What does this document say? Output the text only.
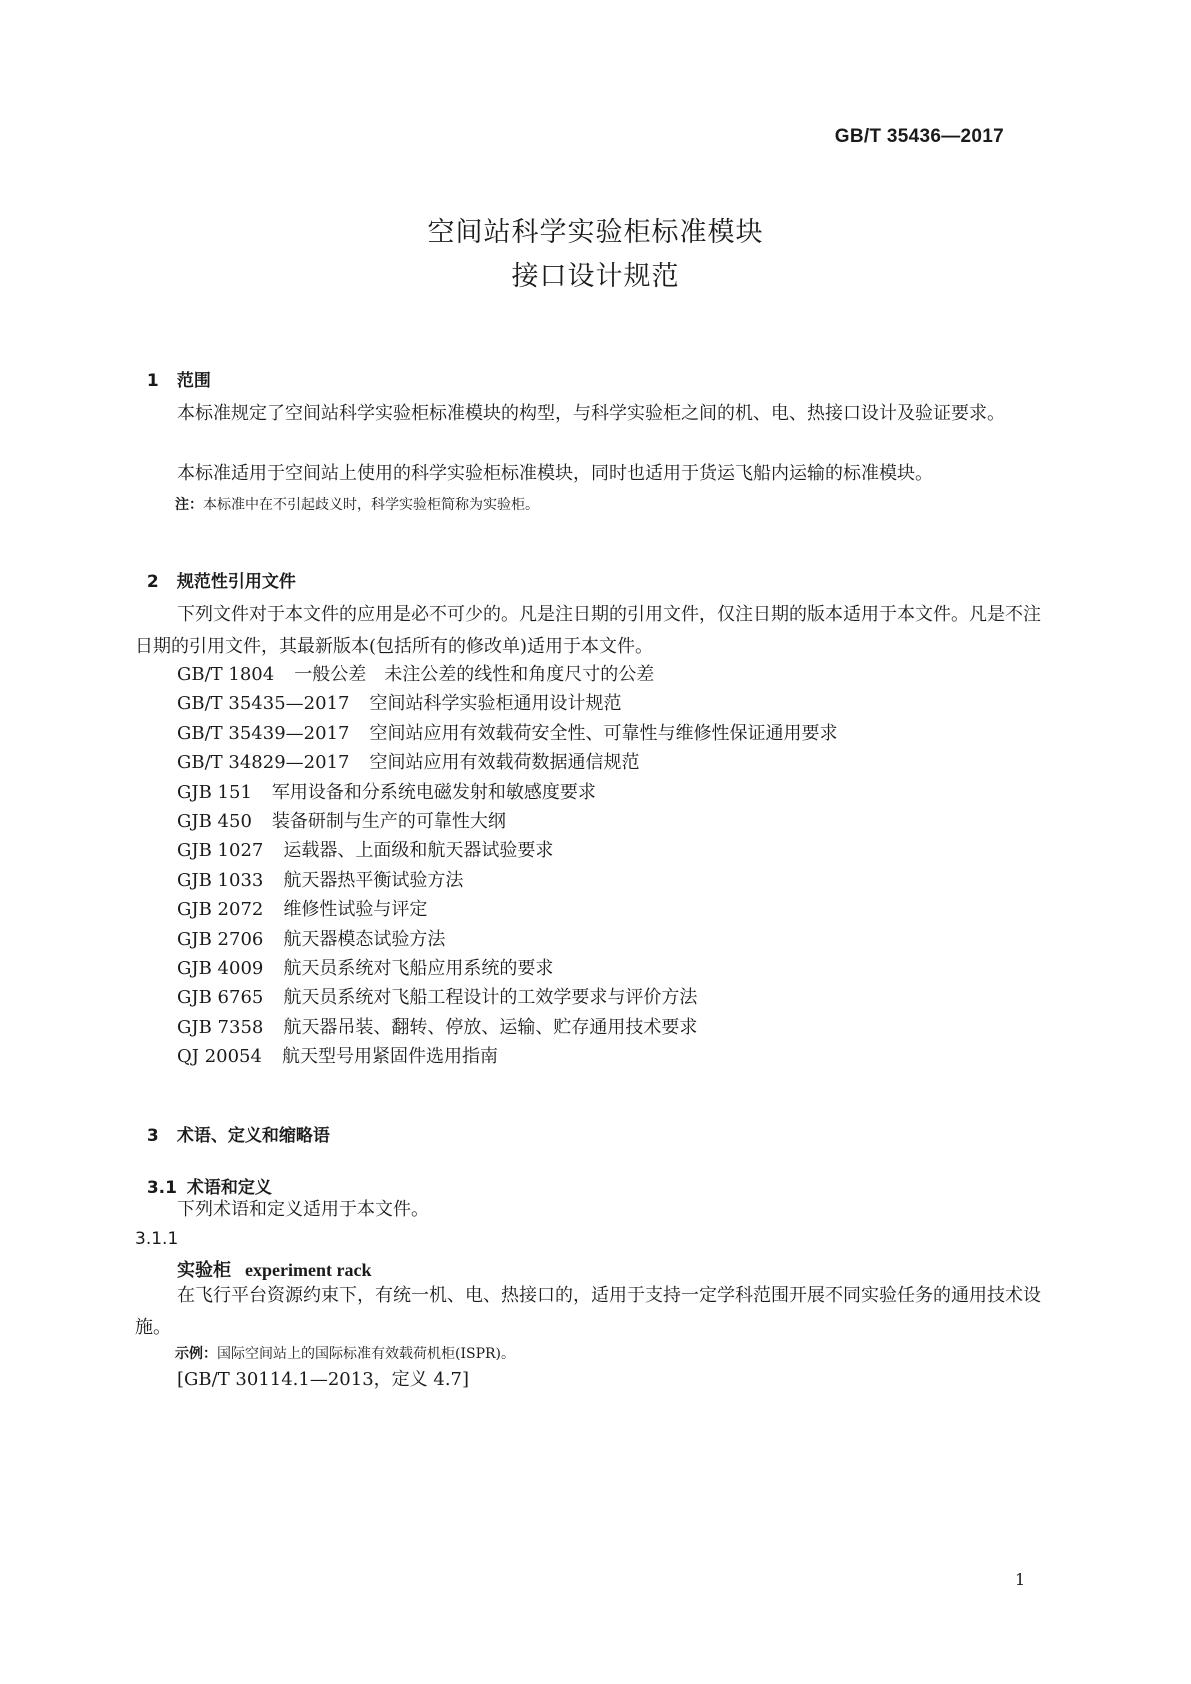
GB/T 35436—2017
空间站科学实验柜标准模块
接口设计规范

1 范围

本标准规定了空间站科学实验柜标准模块的构型，与科学实验柜之间的机、电、热接口设计及验证要求。
本标准适用于空间站上使用的科学实验柜标准模块，同时也适用于货运飞船内运输的标准模块。
注：本标准中在不引起歧义时，科学实验柜简称为实验柜。

2 规范性引用文件

下列文件对于本文件的应用是必不可少的。凡是注日期的引用文件，仅注日期的版本适用于本文件。凡是不注日期的引用文件，其最新版本(包括所有的修改单)适用于本文件。
GB/T 1804 一般公差　未注公差的线性和角度尺寸的公差
GB/T 35435—2017 空间站科学实验柜通用设计规范
GB/T 35439—2017 空间站应用有效载荷安全性、可靠性与维修性保证通用要求
GB/T 34829—2017 空间站应用有效载荷数据通信规范
GJB 151 军用设备和分系统电磁发射和敏感度要求
GJB 450 装备研制与生产的可靠性大纲
GJB 1027 运载器、上面级和航天器试验要求
GJB 1033 航天器热平衡试验方法
GJB 2072 维修性试验与评定
GJB 2706 航天器模态试验方法
GJB 4009 航天员系统对飞船应用系统的要求
GJB 6765 航天员系统对飞船工程设计的工效学要求与评价方法
GJB 7358 航天器吊装、翻转、停放、运输、贮存通用技术要求
QJ 20054 航天型号用紧固件选用指南

3 术语、定义和缩略语

3.1 术语和定义

下列术语和定义适用于本文件。
3.1.1
实验柜 experiment rack
在飞行平台资源约束下，有统一机、电、热接口的，适用于支持一定学科范围开展不同实验任务的通用技术设施。
示例：国际空间站上的国际标准有效载荷机柜(ISPR)。
[GB/T 30114.1—2013，定义 4.7]
1
